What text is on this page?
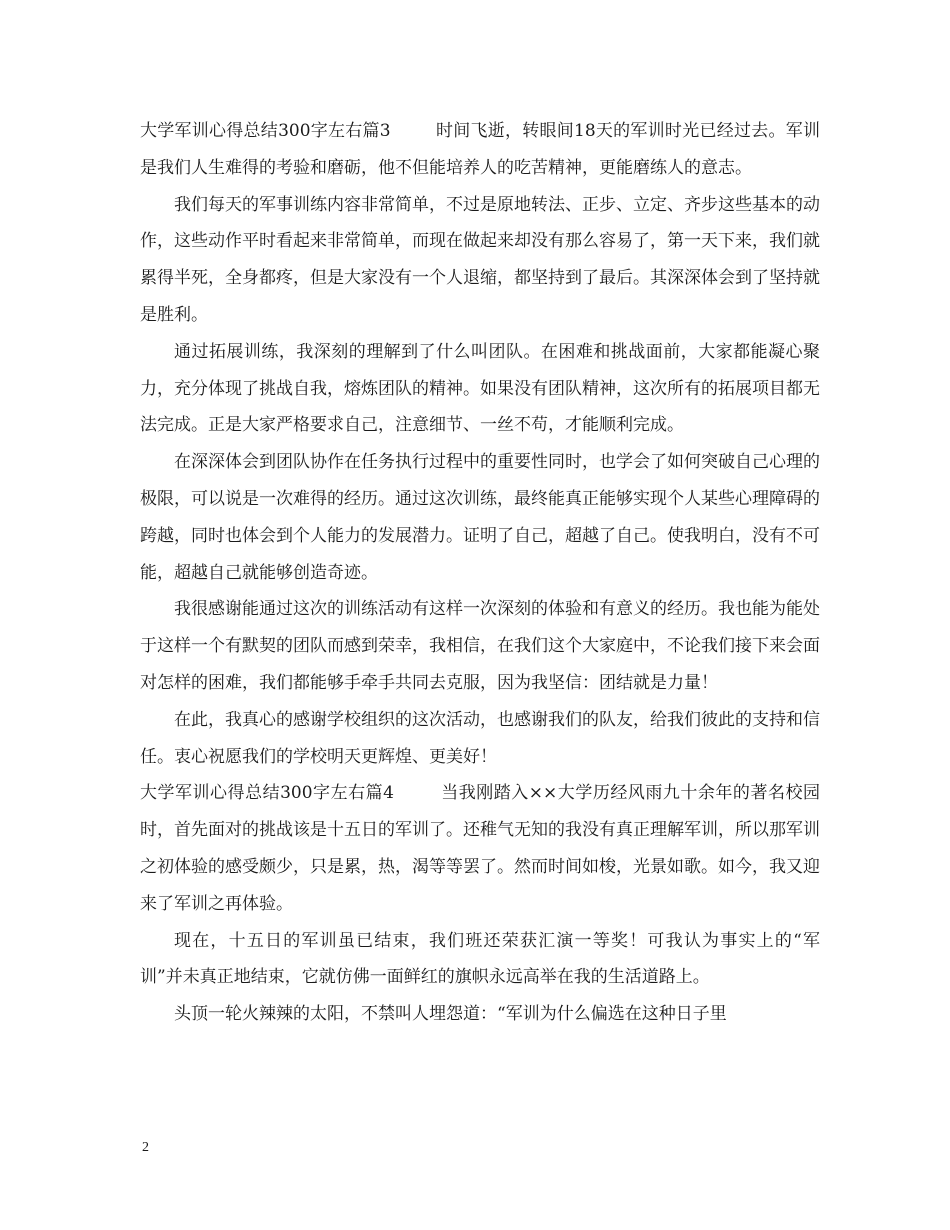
大学军训心得总结300字左右篇3	时间飞逝，转眼间18天的军训时光已经过去。军训是我们人生难得的考验和磨砺，他不但能培养人的吃苦精神，更能磨练人的意志。

我们每天的军事训练内容非常简单，不过是原地转法、正步、立定、齐步这些基本的动作，这些动作平时看起来非常简单，而现在做起来却没有那么容易了，第一天下来，我们就累得半死，全身都疼，但是大家没有一个人退缩，都坚持到了最后。其深深体会到了坚持就是胜利。

通过拓展训练，我深刻的理解到了什么叫团队。在困难和挑战面前，大家都能凝心聚力，充分体现了挑战自我，熔炼团队的精神。如果没有团队精神，这次所有的拓展项目都无法完成。正是大家严格要求自己，注意细节、一丝不苟，才能顺利完成。

在深深体会到团队协作在任务执行过程中的重要性同时，也学会了如何突破自己心理的极限，可以说是一次难得的经历。通过这次训练，最终能真正能够实现个人某些心理障碍的跨越，同时也体会到个人能力的发展潜力。证明了自己，超越了自己。使我明白，没有不可能，超越自己就能够创造奇迹。

我很感谢能通过这次的训练活动有这样一次深刻的体验和有意义的经历。我也能为能处于这样一个有默契的团队而感到荣幸，我相信，在我们这个大家庭中，不论我们接下来会面对怎样的困难，我们都能够手牵手共同去克服，因为我坚信：团结就是力量！

在此，我真心的感谢学校组织的这次活动，也感谢我们的队友，给我们彼此的支持和信任。衷心祝愿我们的学校明天更辉煌、更美好！

大学军训心得总结300字左右篇4	当我刚踏入××大学历经风雨九十余年的著名校园时，首先面对的挑战该是十五日的军训了。还稚气无知的我没有真正理解军训，所以那军训之初体验的感受颇少，只是累，热，渴等等罢了。然而时间如梭，光景如歌。如今，我又迎来了军训之再体验。

现在，十五日的军训虽已结束，我们班还荣获汇演一等奖！可我认为事实上的“军训”并未真正地结束，它就仿佛一面鲜红的旗帜永远高举在我的生活道路上。

头顶一轮火辣辣的太阳，不禁叫人埋怨道：“军训为什么偏选在这种日子里

2
